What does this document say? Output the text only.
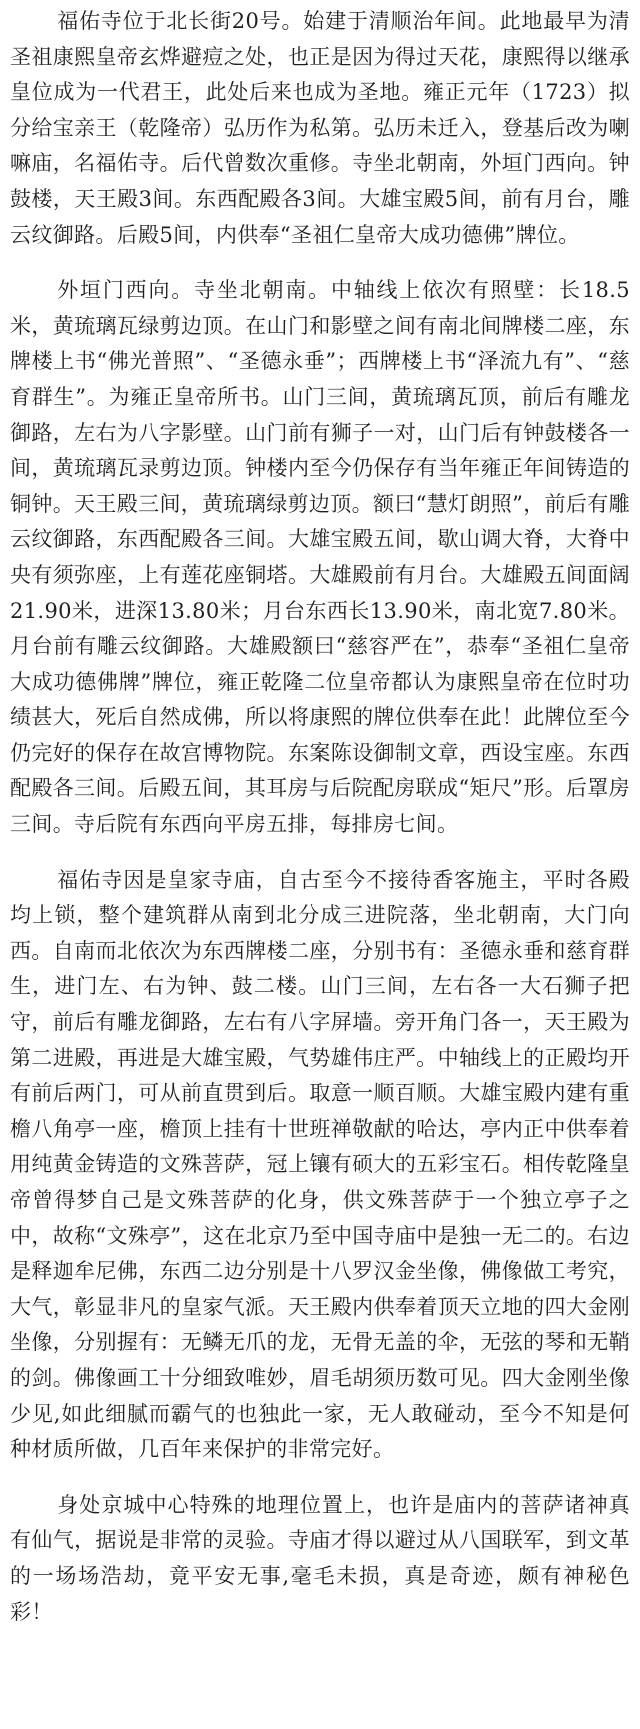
福佑寺位于北长街20号。始建于清顺治年间。此地最早为清圣祖康熙皇帝玄烨避痘之处，也正是因为得过天花，康熙得以继承皇位成为一代君王，此处后来也成为圣地。雍正元年（1723）拟分给宝亲王（乾隆帝）弘历作为私第。弘历未迁入，登基后改为喇嘛庙，名福佑寺。后代曾数次重修。寺坐北朝南，外垣门西向。钟鼓楼，天王殿3间。东西配殿各3间。大雄宝殿5间，前有月台，雕云纹御路。后殿5间，内供奉“圣祖仁皇帝大成功德佛”牌位。

外垣门西向。寺坐北朝南。中轴线上依次有照壁：长18.5米，黄琉璃瓦绿剪边顶。在山门和影壁之间有南北间牌楼二座，东牌楼上书“佛光普照”、“圣德永垂”；西牌楼上书“泽流九有”、“慈育群生”。为雍正皇帝所书。山门三间，黄琉璃瓦顶，前后有雕龙御路，左右为八字影壁。山门前有狮子一对，山门后有钟鼓楼各一间，黄琉璃瓦录剪边顶。钟楼内至今仍保存有当年雍正年间铸造的铜钟。天王殿三间，黄琉璃绿剪边顶。额曰“慧灯朗照”，前后有雕云纹御路，东西配殿各三间。大雄宝殿五间，歇山调大脊，大脊中央有须弥座，上有莲花座铜塔。大雄殿前有月台。大雄殿五间面阔21.90米，进深13.80米；月台东西长13.90米，南北宽7.80米。月台前有雕云纹御路。大雄殿额曰“慈容严在”，恭奉“圣祖仁皇帝大成功德佛牌”牌位，雍正乾隆二位皇帝都认为康熙皇帝在位时功绩甚大，死后自然成佛，所以将康熙的牌位供奉在此！此牌位至今仍完好的保存在故宫博物院。东案陈设御制文章，西设宝座。东西配殿各三间。后殿五间，其耳房与后院配房联成“矩尺”形。后罩房三间。寺后院有东西向平房五排，每排房七间。

福佑寺因是皇家寺庙，自古至今不接待香客施主，平时各殿均上锁，整个建筑群从南到北分成三进院落，坐北朝南，大门向西。自南而北依次为东西牌楼二座，分别书有：圣德永垂和慈育群生，进门左、右为钟、鼓二楼。山门三间，左右各一大石狮子把守，前后有雕龙御路，左右有八字屏墙。旁开角门各一，天王殿为第二进殿，再进是大雄宝殿，气势雄伟庄严。中轴线上的正殿均开有前后两门，可从前直贯到后。取意一顺百顺。大雄宝殿内建有重檐八角亭一座，檐顶上挂有十世班禅敬献的哈达，亭内正中供奉着用纯黄金铸造的文殊菩萨，冠上镶有硕大的五彩宝石。相传乾隆皇帝曾得梦自己是文殊菩萨的化身，供文殊菩萨于一个独立亭子之中，故称“文殊亭”，这在北京乃至中国寺庙中是独一无二的。右边是释迦牟尼佛，东西二边分别是十八罗汉金坐像，佛像做工考究，大气，彰显非凡的皇家气派。天王殿内供奉着顶天立地的四大金刚坐像，分别握有：无鳞无爪的龙，无骨无盖的伞，无弦的琴和无鞘的剑。佛像画工十分细致唯妙，眉毛胡须历数可见。四大金刚坐像少见,如此细腻而霸气的也独此一家，无人敢碰动，至今不知是何种材质所做，几百年来保护的非常完好。

身处京城中心特殊的地理位置上，也许是庙内的菩萨诸神真有仙气，据说是非常的灵验。寺庙才得以避过从八国联军，到文革的一场场浩劫，竟平安无事,毫毛未损，真是奇迹，颇有神秘色彩！
